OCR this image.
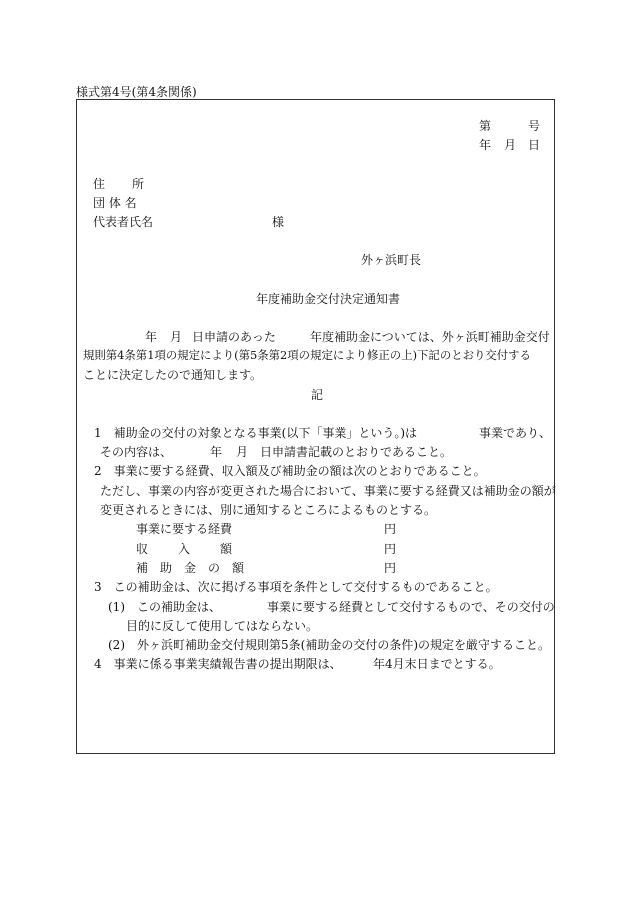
様式第4号(第4条関係)
第	号
年 月 日
住　　所
団 体 名
代表者氏名	様
外ヶ浜町長
年度補助金交付決定通知書
年 月 日申請のあった	年度補助金については、外ヶ浜町補助金交付
規則第4条第1項の規定により(第5条第2項の規定により修正の上)下記のとおり交付する
ことに決定したので通知します。
記
1　補助金の交付の対象となる事業(以下「事業」という。)は	事業であり、
その内容は、	年 月 日申請書記載のとおりであること。
2　事業に要する経費、収入額及び補助金の額は次のとおりであること。
ただし、事業の内容が変更された場合において、事業に要する経費又は補助金の額が
変更されるときには、別に通知するところによるものとする。
事業に要する経費	円
収 入 額	円
補　助　金　の　額	円
3　この補助金は、次に掲げる事項を条件として交付するものであること。
(1)　この補助金は、	事業に要する経費として交付するもので、その交付の
目的に反して使用してはならない。
(2)　外ヶ浜町補助金交付規則第5条(補助金の交付の条件)の規定を厳守すること。
4　事業に係る事業実績報告書の提出期限は、	年4月末日までとする。
